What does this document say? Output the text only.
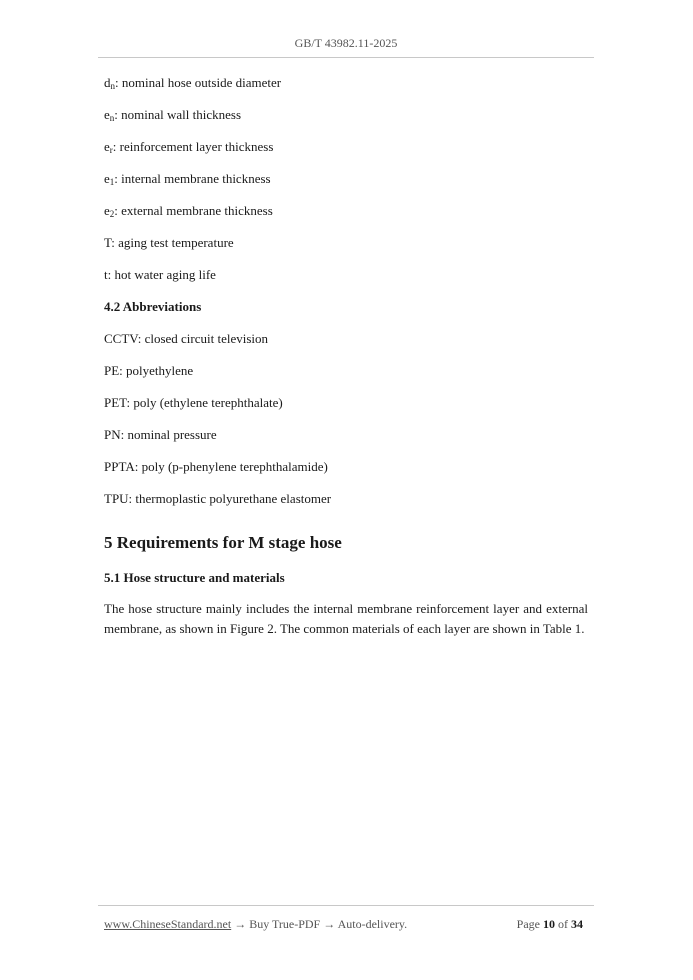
GB/T 43982.11-2025

$d_n$: nominal hose outside diameter

$e_n$: nominal wall thickness

$e_r$: reinforcement layer thickness

$e_1$: internal membrane thickness

$e_2$: external membrane thickness

T: aging test temperature

t: hot water aging life

4.2 Abbreviations

CCTV: closed circuit television

PE: polyethylene

PET: poly (ethylene terephthalate)

PN: nominal pressure

PPTA: poly (p-phenylene terephthalamide)

TPU: thermoplastic polyurethane elastomer

5 Requirements for M stage hose
5.1 Hose structure and materials

The hose structure mainly includes the internal membrane reinforcement layer and external membrane, as shown in Figure 2. The common materials of each layer are shown in Table 1.

www.ChineseStandard.net → Buy True-PDF → Auto-delivery.	Page 10 of 34
